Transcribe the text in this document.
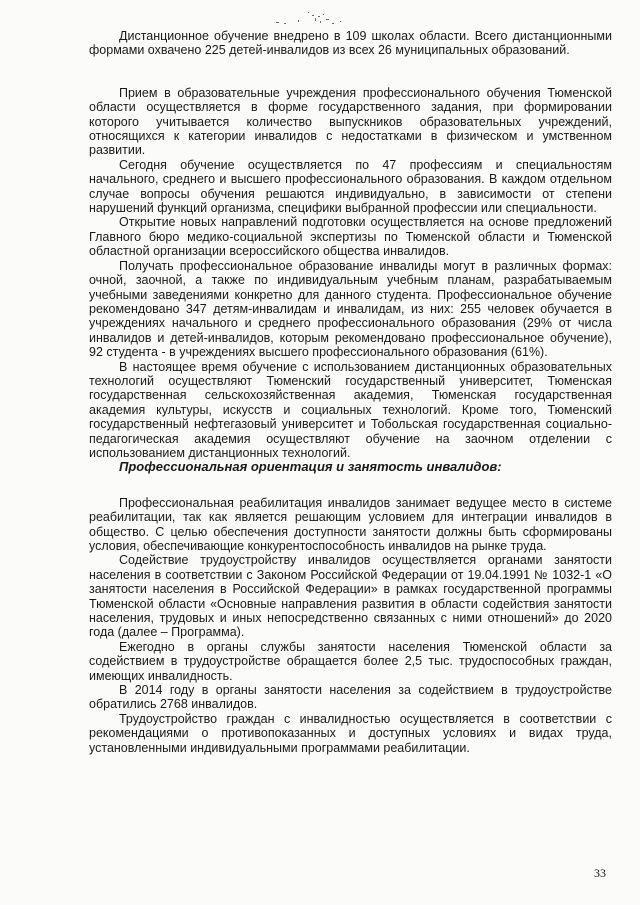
Дистанционное обучение внедрено в 109 школах области. Всего дистанционными формами охвачено 225 детей-инвалидов из всех 26 муниципальных образований.

Прием в образовательные учреждения профессионального обучения Тюменской области осуществляется в форме государственного задания, при формировании которого учитывается количество выпускников образовательных учреждений, относящихся к категории инвалидов с недостатками в физическом и умственном развитии.

Сегодня обучение осуществляется по 47 профессиям и специальностям начального, среднего и высшего профессионального образования. В каждом отдельном случае вопросы обучения решаются индивидуально, в зависимости от степени нарушений функций организма, специфики выбранной профессии или специальности.

Открытие новых направлений подготовки осуществляется на основе предложений Главного бюро медико-социальной экспертизы по Тюменской области и Тюменской областной организации всероссийского общества инвалидов.

Получать профессиональное образование инвалиды могут в различных формах: очной, заочной, а также по индивидуальным учебным планам, разрабатываемым учебными заведениями конкретно для данного студента. Профессиональное обучение рекомендовано 347 детям-инвалидам и инвалидам, из них: 255 человек обучается в учреждениях начального и среднего профессионального образования (29% от числа инвалидов и детей-инвалидов, которым рекомендовано профессиональное обучение), 92 студента - в учреждениях высшего профессионального образования (61%).

В настоящее время обучение с использованием дистанционных образовательных технологий осуществляют Тюменский государственный университет, Тюменская государственная сельскохозяйственная академия, Тюменская государственная академия культуры, искусств и социальных технологий. Кроме того, Тюменский государственный нефтегазовый университет и Тобольская государственная социально-педагогическая академия осуществляют обучение на заочном отделении с использованием дистанционных технологий.

Профессиональная ориентация и занятость инвалидов:

Профессиональная реабилитация инвалидов занимает ведущее место в системе реабилитации, так как является решающим условием для интеграции инвалидов в общество. С целью обеспечения доступности занятости должны быть сформированы условия, обеспечивающие конкурентоспособность инвалидов на рынке труда.

Содействие трудоустройству инвалидов осуществляется органами занятости населения в соответствии с Законом Российской Федерации от 19.04.1991 № 1032-1 «О занятости населения в Российской Федерации» в рамках государственной программы Тюменской области «Основные направления развития в области содействия занятости населения, трудовых и иных непосредственно связанных с ними отношений» до 2020 года (далее – Программа).

Ежегодно в органы службы занятости населения Тюменской области за содействием в трудоустройстве обращается более 2,5 тыс. трудоспособных граждан, имеющих инвалидность.

В 2014 году в органы занятости населения за содействием в трудоустройстве обратились 2768 инвалидов.

Трудоустройство граждан с инвалидностью осуществляется в соответствии с рекомендациями о противопоказанных и доступных условиях и видах труда, установленными индивидуальными программами реабилитации.

33
